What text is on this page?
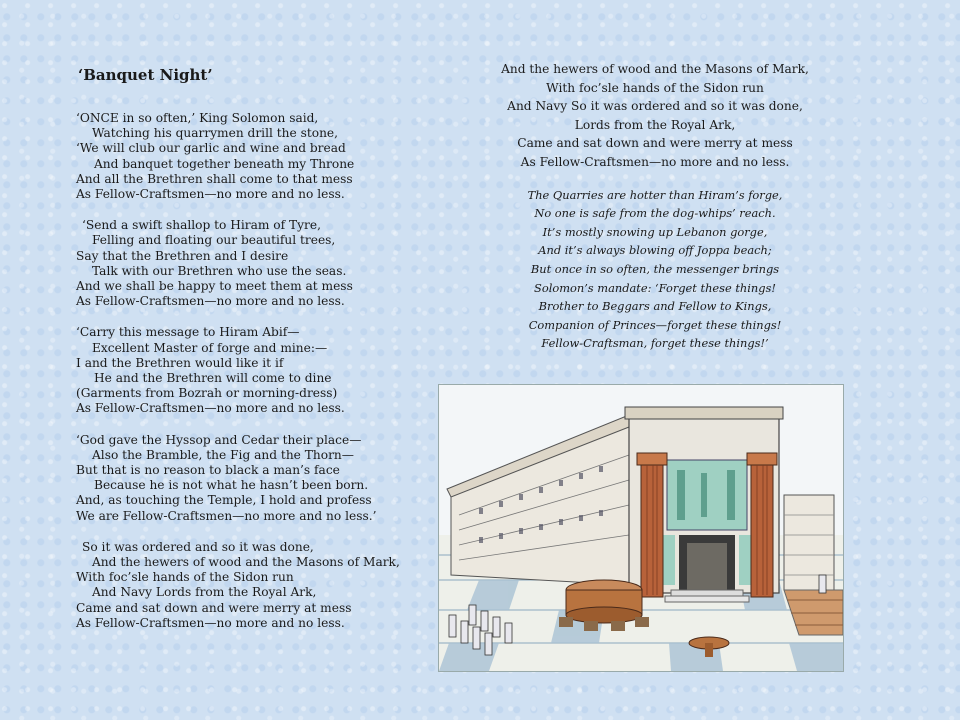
‘Banquet Night’
‘ONCE in so often,’ King Solomon said,
Watching his quarrymen drill the stone,
‘We will club our garlic and wine and bread
And banquet together beneath my Throne
And all the Brethren shall come to that mess
As Fellow-Craftsmen—no more and no less.
‘Send a swift shallop to Hiram of Tyre,
Felling and floating our beautiful trees,
Say that the Brethren and I desire
Talk with our Brethren who use the seas.
And we shall be happy to meet them at mess
As Fellow-Craftsmen—no more and no less.
‘Carry this message to Hiram Abif—
Excellent Master of forge and mine:—
I and the Brethren would like it if
He and the Brethren will come to dine
(Garments from Bozrah or morning-dress)
As Fellow-Craftsmen—no more and no less.
‘God gave the Hyssop and Cedar their place—
Also the Bramble, the Fig and the Thorn—
But that is no reason to black a man’s face
Because he is not what he hasn’t been born.
And, as touching the Temple, I hold and profess
We are Fellow-Craftsmen—no more and no less.’
So it was ordered and so it was done,
And the hewers of wood and the Masons of Mark,
With foc’sle hands of the Sidon run
And Navy Lords from the Royal Ark,
Came and sat down and were merry at mess
As Fellow-Craftsmen—no more and no less.
And the hewers of wood and the Masons of Mark,
With foc’sle hands of the Sidon run
And Navy So it was ordered and so it was done,
Lords from the Royal Ark,
Came and sat down and were merry at mess
As Fellow-Craftsmen—no more and no less.
The Quarries are hotter than Hiram’s forge,
No one is safe from the dog-whips’ reach.
It’s mostly snowing up Lebanon gorge,
And it’s always blowing off Joppa beach;
But once in so often, the messenger brings
Solomon’s mandate: ‘Forget these things!
Brother to Beggars and Fellow to Kings,
Companion of Princes—forget these things!
Fellow-Craftsman, forget these things!’
